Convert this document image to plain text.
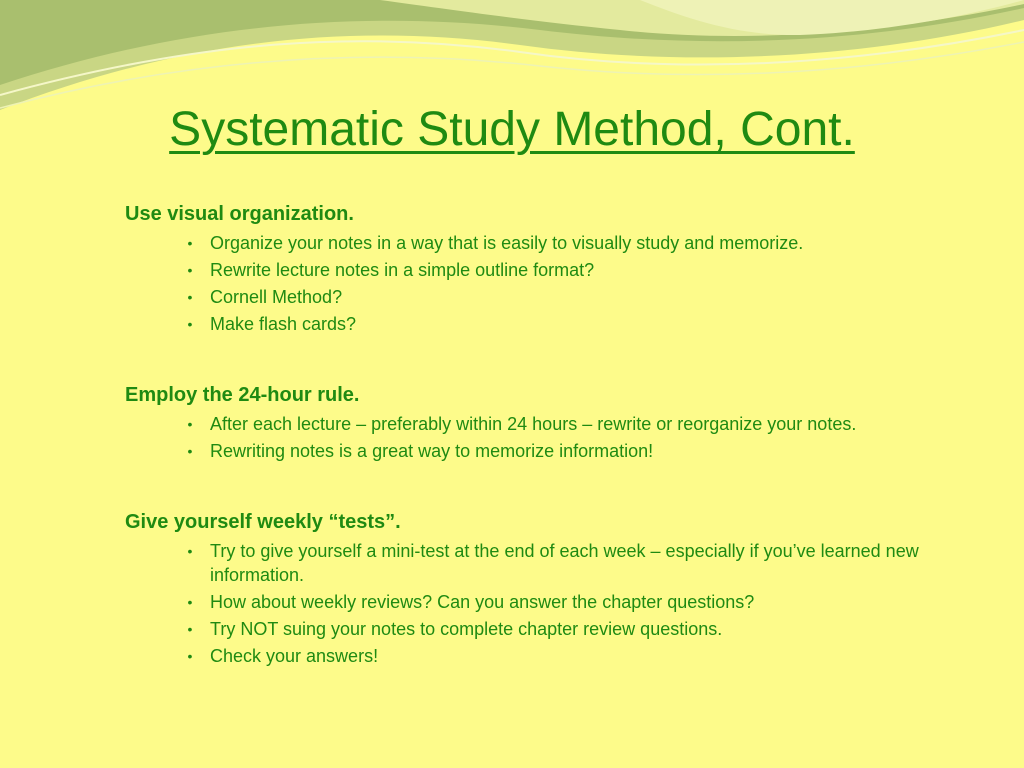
Systematic Study Method, Cont.

Use visual organization.

• Organize your notes in a way that is easily to visually study and memorize.
• Rewrite lecture notes in a simple outline format?
• Cornell Method?
• Make flash cards?

Employ the 24-hour rule.

• After each lecture – preferably within 24 hours – rewrite or reorganize your notes.
• Rewriting notes is a great way to memorize information!

Give yourself weekly “tests”.

• Try to give yourself a mini-test at the end of each week – especially if you’ve learned new information.
• How about weekly reviews? Can you answer the chapter questions?
• Try NOT suing your notes to complete chapter review questions.
• Check your answers!
